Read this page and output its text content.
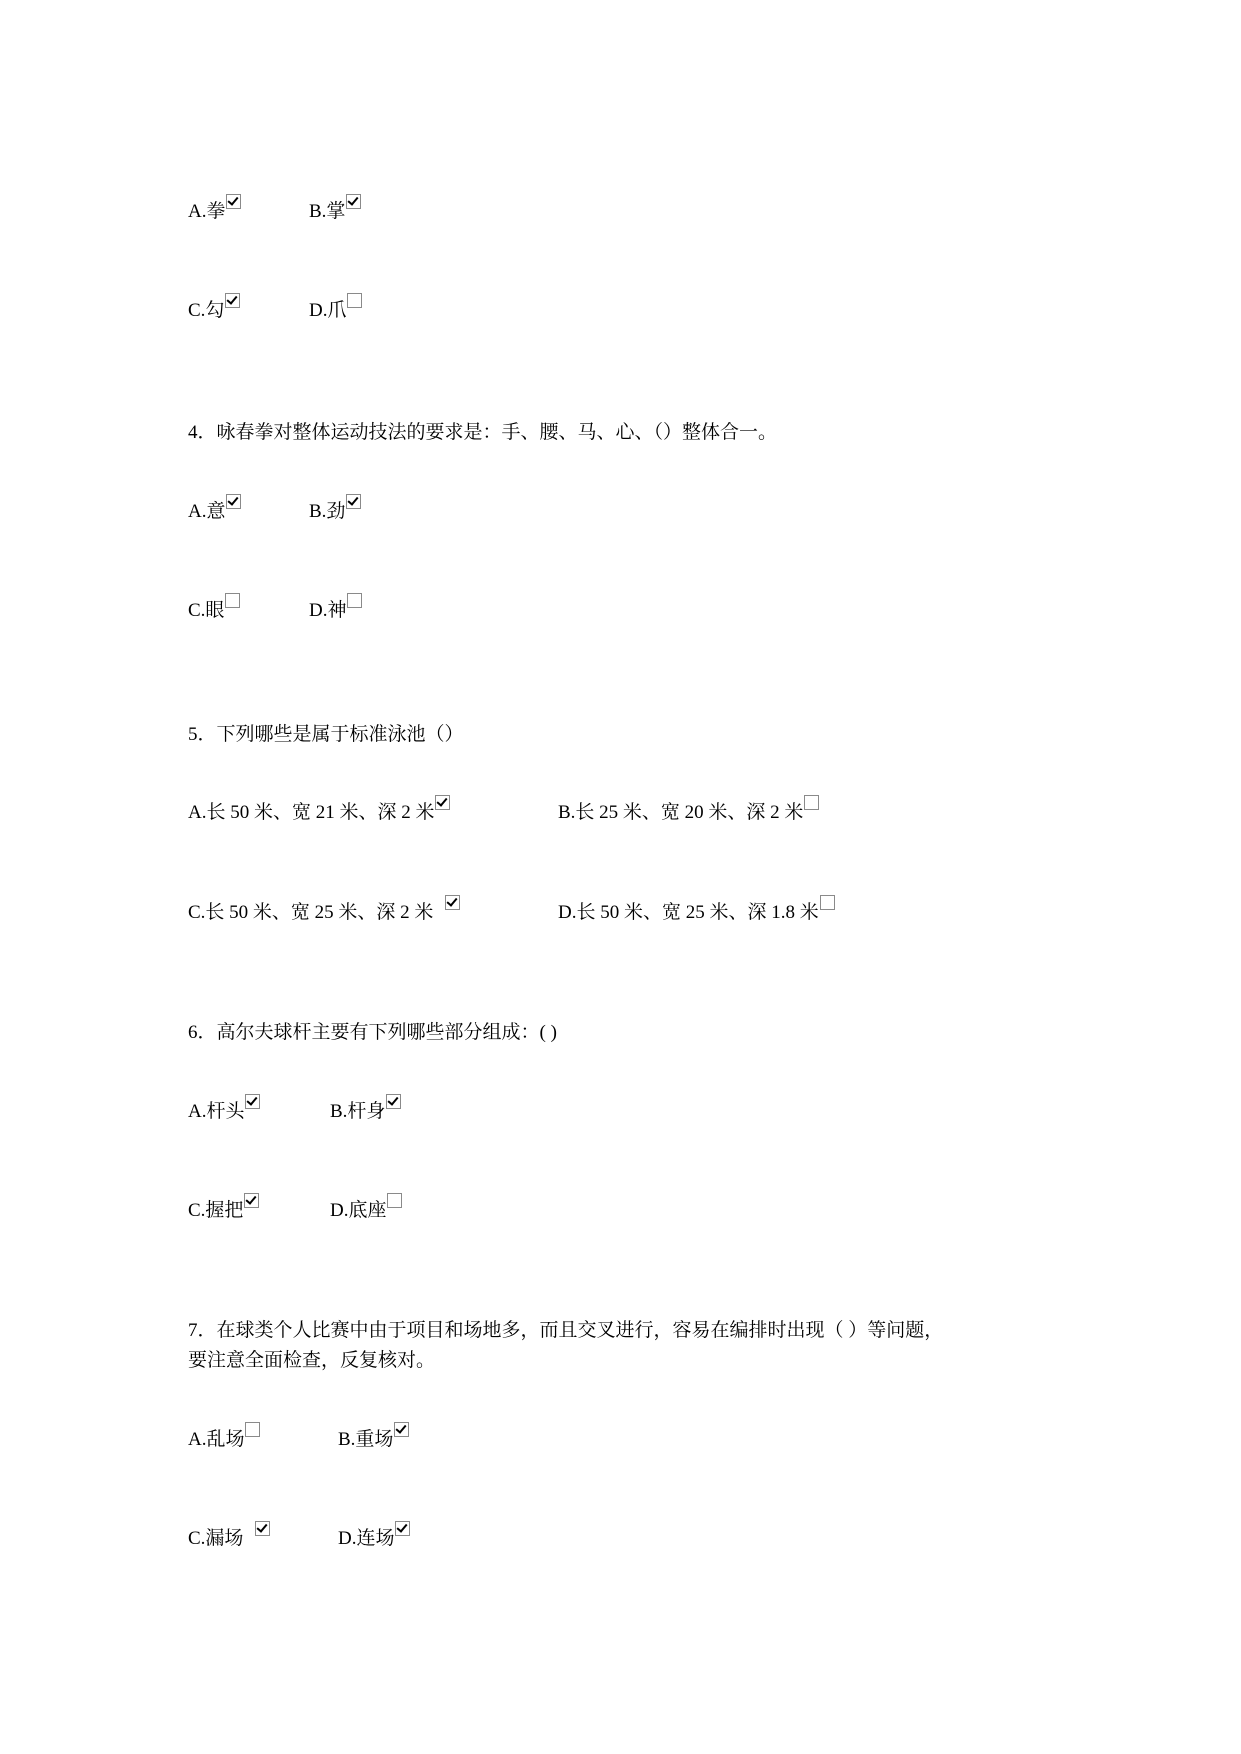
A.拳	B.掌
C.勾	D.爪
4．咏春拳对整体运动技法的要求是：手、腰、马、心、（）整体合一。
A.意	B.劲
C.眼	D.神
5．下列哪些是属于标准泳池（）
A.长 50 米、宽 21 米、深 2 米	B.长 25 米、宽 20 米、深 2 米
C.长 50 米、宽 25 米、深 2 米	D.长 50 米、宽 25 米、深 1.8 米
6．高尔夫球杆主要有下列哪些部分组成：( )
A.杆头	B.杆身
C.握把	D.底座
7．在球类个人比赛中由于项目和场地多，而且交叉进行，容易在编排时出现（ ）等问题，
要注意全面检查，反复核对。
A.乱场	B.重场
C.漏场	D.连场
